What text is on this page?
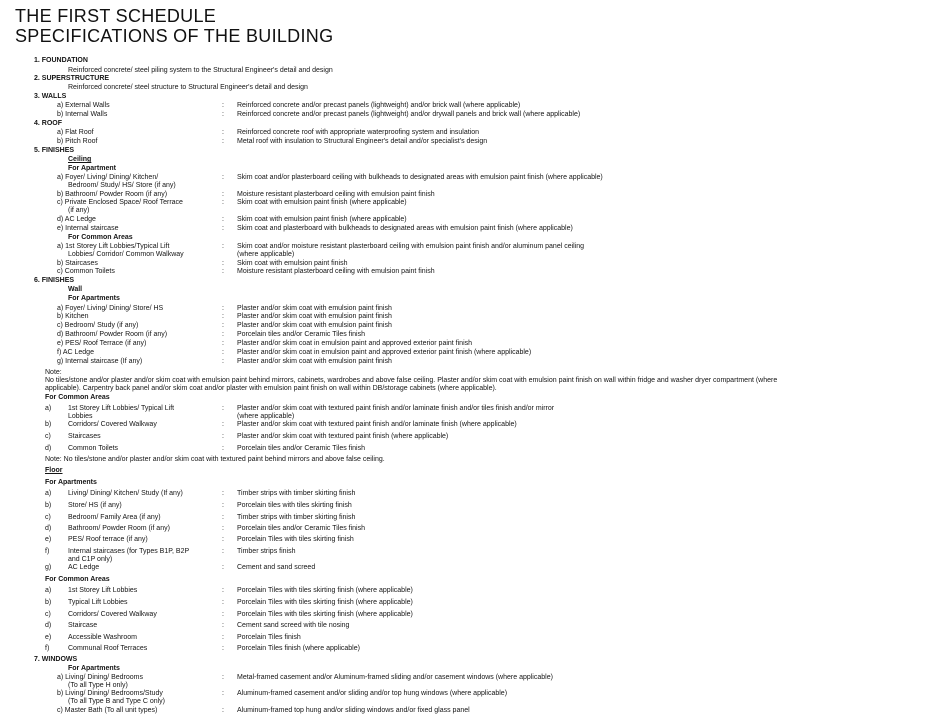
THE FIRST SCHEDULE
SPECIFICATIONS OF THE BUILDING
1. FOUNDATION
Reinforced concrete/ steel piling system to the Structural Engineer's detail and design
2. SUPERSTRUCTURE
Reinforced concrete/ steel structure to Structural Engineer's detail and design
3. WALLS
a) External Walls	: Reinforced concrete and/or precast panels (lightweight) and/or brick wall (where applicable)
b) Internal Walls	: Reinforced concrete and/or precast panels (lightweight) and/or drywall panels and brick wall (where applicable)
4. ROOF
a) Flat Roof	: Reinforced concrete roof with appropriate waterproofing system and insulation
b) Pitch Roof	: Metal roof with insulation to Structural Engineer's detail and/or specialist's design
5. FINISHES
Ceiling
For Apartment
a) Foyer/ Living/ Dining/ Kitchen/	: Skim coat and/or plasterboard ceiling with bulkheads to designated areas with emulsion paint finish (where applicable)
Bedroom/ Study/ HS/ Store (if any)
b) Bathroom/ Powder Room (if any)	: Moisture resistant plasterboard ceiling with emulsion paint finish
c) Private Enclosed Space/ Roof Terrace	: Skim coat with emulsion paint finish (where applicable)
(if any)
d) AC Ledge	: Skim coat with emulsion paint finish (where applicable)
e) Internal staircase	: Skim coat and plasterboard with bulkheads to designated areas with emulsion paint finish (where applicable)
For Common Areas
a) 1st Storey Lift Lobbies/Typical Lift	: Skim coat and/or moisture resistant plasterboard ceiling with emulsion paint finish and/or aluminum panel ceiling
Lobbies/ Corridor/ Common Walkway	(where applicable)
b) Staircases	: Skim coat with emulsion paint finish
c) Common Toilets	: Moisture resistant plasterboard ceiling with emulsion paint finish
6. FINISHES
Wall
For Apartments
a) Foyer/ Living/ Dining/ Store/ HS	: Plaster and/or skim coat with emulsion paint finish
b) Kitchen	: Plaster and/or skim coat with emulsion paint finish
c) Bedroom/ Study (if any)	: Plaster and/or skim coat with emulsion paint finish
d) Bathroom/ Powder Room (if any)	: Porcelain tiles and/or Ceramic Tiles finish
e) PES/ Roof Terrace (if any)	: Plaster and/or skim coat in emulsion paint and approved exterior paint finish
f) AC Ledge	: Plaster and/or skim coat in emulsion paint and approved exterior paint finish (where applicable)
g) Internal staircase (If any)	: Plaster and/or skim coat with emulsion paint finish
Note:
No tiles/stone and/or plaster and/or skim coat with emulsion paint behind mirrors, cabinets, wardrobes and above false ceiling. Plaster and/or skim coat with emulsion paint finish on wall within fridge and washer dryer compartment (where
applicable). Carpentry back panel and/or skim coat and/or plaster with emulsion paint finish on wall within DB/storage cabinets (where applicable).
For Common Areas
a) 1st Storey Lift Lobbies/ Typical Lift	: Plaster and/or skim coat with textured paint finish and/or laminate finish and/or tiles finish and/or mirror
Lobbies	(where applicable)
b) Corridors/ Covered Walkway	: Plaster and/or skim coat with textured paint finish and/or laminate finish (where applicable)
c) Staircases	: Plaster and/or skim coat with textured paint finish (where applicable)
d) Common Toilets	: Porcelain tiles and/or Ceramic Tiles finish
Note: No tiles/stone and/or plaster and/or skim coat with textured paint behind mirrors and above false ceiling.
Floor
For Apartments
a) Living/ Dining/ Kitchen/ Study (If any)	: Timber strips with timber skirting finish
b) Store/ HS (if any)	: Porcelain tiles with tiles skirting finish
c) Bedroom/ Family Area (if any)	: Timber strips with timber skirting finish
d) Bathroom/ Powder Room (if any)	: Porcelain tiles and/or Ceramic Tiles finish
e) PES/ Roof terrace (if any)	: Porcelain Tiles with tiles skirting finish
f)	Internal staircases (for Types B1P, B2P	: Timber strips finish
and C1P only)
g) AC Ledge	: Cement and sand screed
For Common Areas
a) 1st Storey Lift Lobbies	: Porcelain Tiles with tiles skirting finish (where applicable)
b) Typical Lift Lobbies	: Porcelain Tiles with tiles skirting finish (where applicable)
c) Corridors/ Covered Walkway	: Porcelain Tiles with tiles skirting finish (where applicable)
d) Staircase	: Cement sand screed with tile nosing
e) Accessible Washroom	: Porcelain Tiles finish
f)	Communal Roof Terraces	: Porcelain Tiles finish (where applicable)
7. WINDOWS
For Apartments
a) Living/ Dining/ Bedrooms	: Metal-framed casement and/or Aluminum-framed sliding and/or casement windows (where applicable)
(To all Type H only)
b) Living/ Dining/ Bedrooms/Study	: Aluminum-framed casement and/or sliding and/or top hung windows (where applicable)
(To all Type B and Type C only)
c) Master Bath (To all unit types)	: Aluminum-framed top hung and/or sliding windows and/or fixed glass panel
